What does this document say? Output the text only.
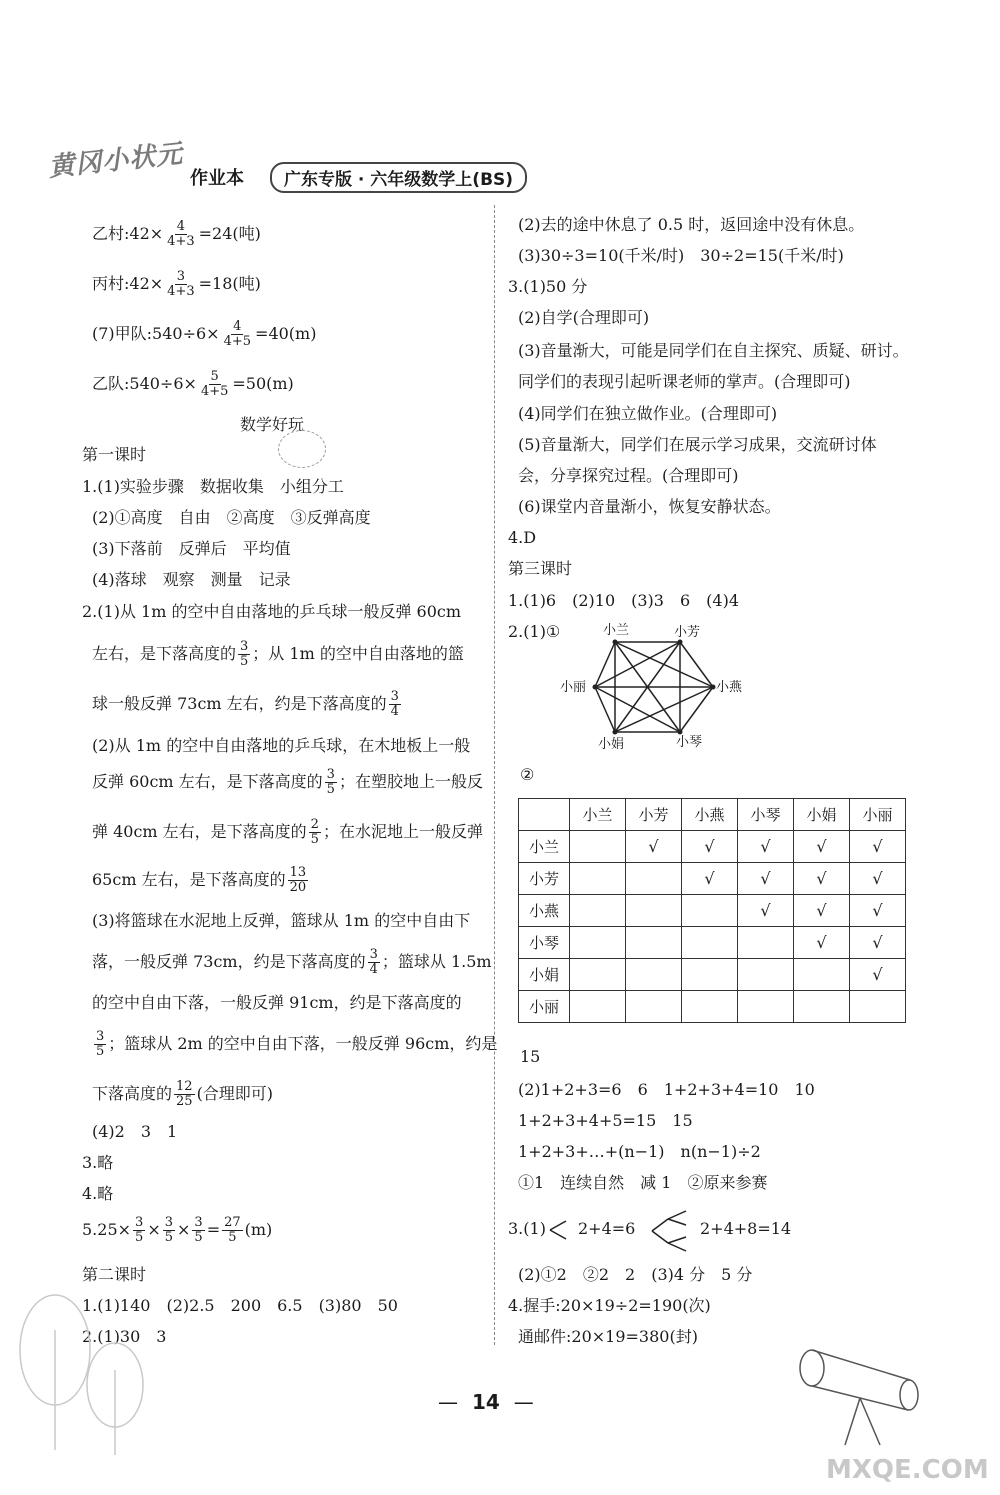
黄冈小状元 作业本	广东专版 · 六年级数学上(BS)
乙村:42× $\frac{4}{4+3} =24$(吨)
丙村:42× $\frac{3}{4+3} =18$(吨)
(7)甲队:540÷6× $\frac{4}{4+5} =40(m)$
乙队:540÷6× $\frac{5}{4+5} =50(m)$
数学好玩
第一课时
1.(1)实验步骤　数据收集　小组分工
(2)①高度　自由　②高度　③反弹高度
(3)下落前　反弹后　平均值
(4)落球　观察　测量　记录
2.(1)从 1m 的空中自由落地的乒乓球一般反弹 60cm
左右，是下落高度的 $\frac{3}{5}$ ；从 1m 的空中自由落地的篮
球一般反弹 73cm 左右，约是下落高度的 $\frac{3}{4}$
(2)从 1m 的空中自由落地的乒乓球，在木地板上一般
反弹 60cm 左右，是下落高度的 $\frac{3}{5}$ ；在塑胶地上一般反
弹 40cm 左右，是下落高度的 $\frac{2}{5}$ ；在水泥地上一般反弹
65cm 左右，是下落高度的 $\frac{13}{20}$
(3)将篮球在水泥地上反弹，篮球从 1m 的空中自由下
落，一般反弹 73cm，约是下落高度的 $\frac{3}{4}$ ；篮球从 1.5m
的空中自由下落，一般反弹 91cm，约是下落高度的
$\frac{3}{5}$ ；篮球从 2m 的空中自由下落，一般反弹 96cm，约是
下落高度的 $\frac{12}{25}$ (合理即可)
(4)2　3　1
3.略
4.略
$5.25\times \frac{3}{5} \times \frac{3}{5} \times \frac{3}{5} = \frac{27}{5} (m)$
第二课时
1.(1)140　(2)2.5　200　6.5　(3)80　50
2.(1)30　3
(2)去的途中休息了 0.5 时，返回途中没有休息。
(3)30÷3=10(千米/时)　30÷2=15(千米/时)
3.(1)50 分
(2)自学(合理即可)
(3)音量渐大，可能是同学们在自主探究、质疑、研讨。
同学们的表现引起听课老师的掌声。(合理即可)
(4)同学们在独立做作业。(合理即可)
(5)音量渐大，同学们在展示学习成果，交流研讨体
会，分享探究过程。(合理即可)
(6)课堂内音量渐小，恢复安静状态。
4.D
第三课时
1.(1)6　(2)10　(3)3　6　(4)4
2.(1)①	小兰	小芳
小燕
小琴
小娟
小丽
②
	小兰	小芳	小燕	小琴	小娟	小丽
小兰		√	√	√	√	√
小芳			√	√	√	√
小燕				√	√	√
小琴					√	√
小娟						√
小丽						
15
(2)1+2+3=6　6　1+2+3+4=10　10
1+2+3+4+5=15　15
1+2+3+…+(n−1)　n(n−1)÷2
①1　连续自然　减 1　②原来参赛
3.(1) 2+4=6	2+4+8=14
(2)①2　②2　2　(3)4 分　5 分
4.握手:20×19÷2=190(次)
通邮件:20×19=380(封)
— 14 —
MXQE.COM
